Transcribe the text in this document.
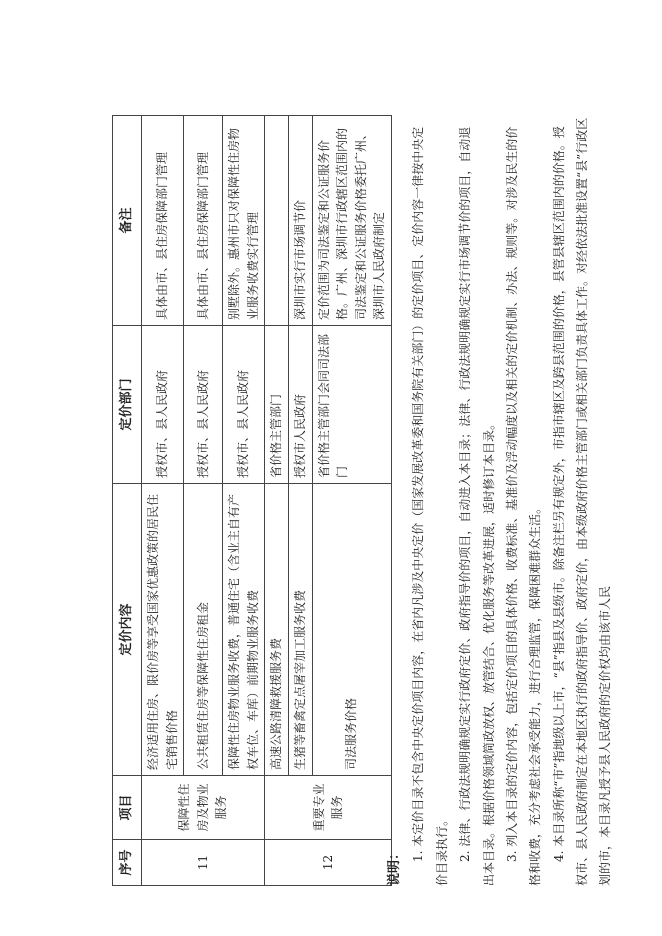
序号	项目	定价内容	定价部门	备注
11	保障性住房及物业服务	经济适用住房、限价房等享受国家优惠政策的居民住宅销售价格	授权市、县人民政府	具体由市、县住房保障部门管理
		公共租赁住房等保障性住房租金	授权市、县人民政府	具体由市、县住房保障部门管理
		保障性住房物业服务收费，普通住宅（含业主自有产权车位、车库）前期物业服务收费	授权市、县人民政府	别墅除外。惠州市只对保障性住房物业服务收费实行管理
12	重要专业服务	高速公路清障救援服务费	省价格主管部门	
		生猪等畜禽定点屠宰加工服务收费	授权市人民政府	深圳市实行市场调节价
		司法服务价格	省价格主管部门会同司法部门	定价范围为司法鉴定和公证服务价格。广州、深圳市行政辖区范围内的司法鉴定和公证服务价格委托广州、深圳市人民政府制定

说明：

1. 本定价目录不包含中央定价项目内容，在省内凡涉及中央定价（国家发展改革委和国务院有关部门）的定价项目、定价内容一律按中央定价目录执行。 2. 法律、行政法规明确规定实行政府定价、政府指导价的项目，自动进入本目录；法律、行政法规明确规定实行市场调节价的项目，自动退出本目录。根据价格领域简政放权、放管结合、优化服务等改革进展，适时修订本目录。 3. 列入本目录的定价内容，包括定价项目的具体价格、收费标准、基准价及浮动幅度以及相关的定价机制、办法、规则等。对涉及民生的价格和收费，充分考虑社会承受能力，进行合理监管，保障困难群众生活。 4. 本目录所称“市”指地级以上市，“县”指县及县级市。除备注栏另有规定外，市指市辖区及跨县范围的价格，县管县辖区范围内的价格。授权市、县人民政府制定在本地区执行的政府指导价、政府定价，由本级政府价格主管部门或相关部门负责具体工作。对经依法批准设置“县”行政区划的市，本目录凡授予县人民政府的定价权均由该市人民
